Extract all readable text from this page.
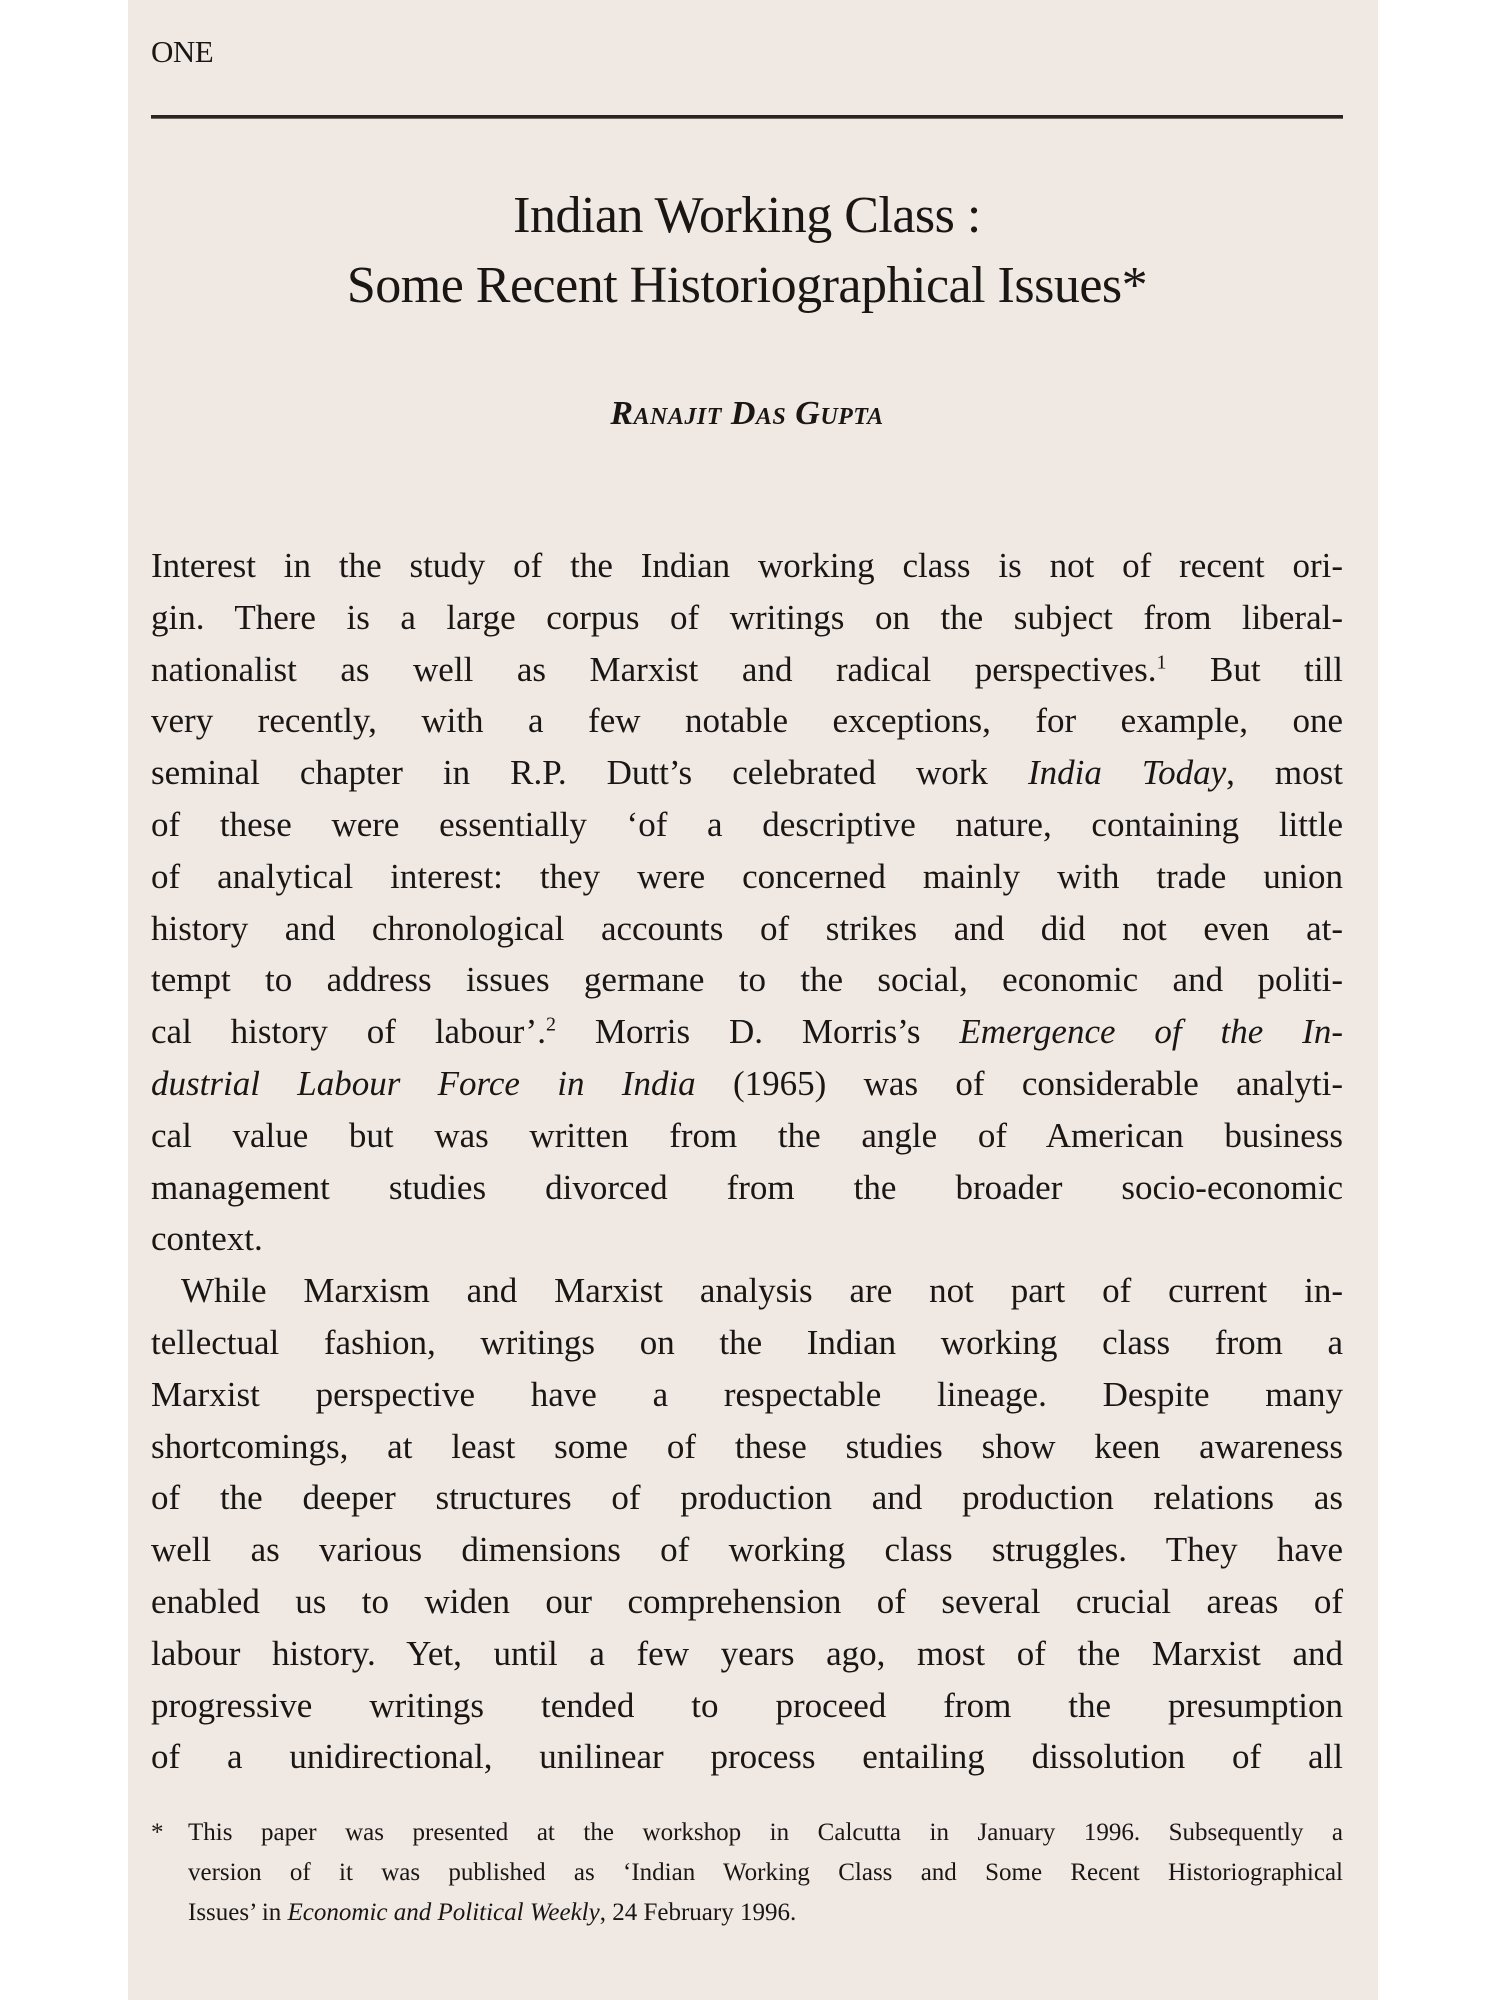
ONE
Indian Working Class :
Some Recent Historiographical Issues*
Ranajit Das Gupta
Interest in the study of the Indian working class is not of recent ori-
gin. There is a large corpus of writings on the subject from liberal-
nationalist as well as Marxist and radical perspectives.$^1$ But till
very recently, with a few notable exceptions, for example, one
seminal chapter in R.P. Dutt’s celebrated work India Today, most
of these were essentially ‘of a descriptive nature, containing little
of analytical interest: they were concerned mainly with trade union
history and chronological accounts of strikes and did not even at-
tempt to address issues germane to the social, economic and politi-
cal history of labour’.$^2$ Morris D. Morris’s Emergence of the In-
dustrial Labour Force in India (1965) was of considerable analyti-
cal value but was written from the angle of American business
management studies divorced from the broader socio-economic
context.
While Marxism and Marxist analysis are not part of current in-
tellectual fashion, writings on the Indian working class from a
Marxist perspective have a respectable lineage. Despite many
shortcomings, at least some of these studies show keen awareness
of the deeper structures of production and production relations as
well as various dimensions of working class struggles. They have
enabled us to widen our comprehension of several crucial areas of
labour history. Yet, until a few years ago, most of the Marxist and
progressive writings tended to proceed from the presumption
of a unidirectional, unilinear process entailing dissolution of all
* This paper was presented at the workshop in Calcutta in January 1996. Subsequently a
version of it was published as ‘Indian Working Class and Some Recent Historiographical
Issues’ in Economic and Political Weekly, 24 February 1996.
